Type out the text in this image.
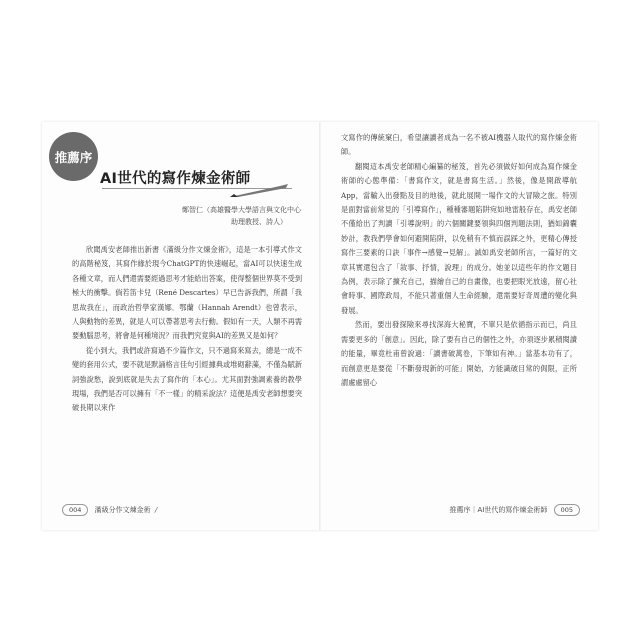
推薦序
AI世代的寫作煉金術師
鄭智仁（高雄醫學大學語言與文化中心
助理教授、詩人）

欣聞禹安老師推出新書《滿級分作文煉金術》，這是一本引導式作文的高階秘笈，其寫作緣於現今ChatGPT的快速崛起，當AI可以快速生成各種文章，而人們還需要經過思考才能給出答案，使得整個世界莫不受到極大的衝擊。倘若笛卡兒（René Descartes）早已告訴我們，所謂「我思故我在」，而政治哲學家漢娜．鄂蘭（Hannah Arendt）也曾表示，人與動物的差異，就是人可以帶著思考去行動。假如有一天，人類不再需要動腦思考，將會是何種境況？而我們究竟與AI的差異又是如何？

從小到大，我們或許寫過不少篇作文，只不過寫來寫去，總是一成不變的套用公式，要不就是默誦格言佳句引經據典或堆砌辭藻，不僅為賦新詞強說愁，說到底就是失去了寫作的「本心」。尤其面對強調素養的教學現場，我們是否可以擁有「不一樣」的精采說法？這便是禹安老師想要突破長期以來作

004 滿級分作文煉金術 /

文寫作的傳統窠臼，希望讓讀者成為一名不被AI機器人取代的寫作煉金術師。

翻閱這本禹安老師精心編纂的秘笈，首先必須做好如何成為寫作煉金術師的心態準備：「書寫作文，就是書寫生活。」然後，像是開啟導航App，當輸入出發點及目的地後，就此展開一場作文的大冒險之旅。特別是面對當前常見的「引導寫作」，種種審題陷阱宛如地雷般存在，禹安老師不僅給出了判讀「引導說明」的六個關鍵要領與四個判題法則，猶如錦囊妙計，教我們學會如何避開陷阱，以免稍有不慎而誤踩之外，更精心傳授寫作三要素的口訣「事件→感覺→見解」。誠如禹安老師所言，一篇好的文章其實還包含了「敘事、抒情，說理」的成分。她並以這些年的作文題目為例，表示除了擴充自己，描繪自己的自畫像，也要把眼光放遠，留心社會時事、國際政局，不能只著重個人生命經驗，還需要好奇周遭的變化與發展。

然而，要出發探險來尋找深海大秘寶，不單只是依循指示而已，尚且需要更多的「創意」。因此，除了要有自己的個性之外，亦須逐步累積閱讀的能量，畢竟杜甫曾說過：「讀書破萬卷，下筆如有神。」當基本功有了，而創意更是要從「不斷發現新的可能」開始，方能識破目常的侷限，正所謂處處留心

推薦序｜AI世代的寫作煉金術師 005
